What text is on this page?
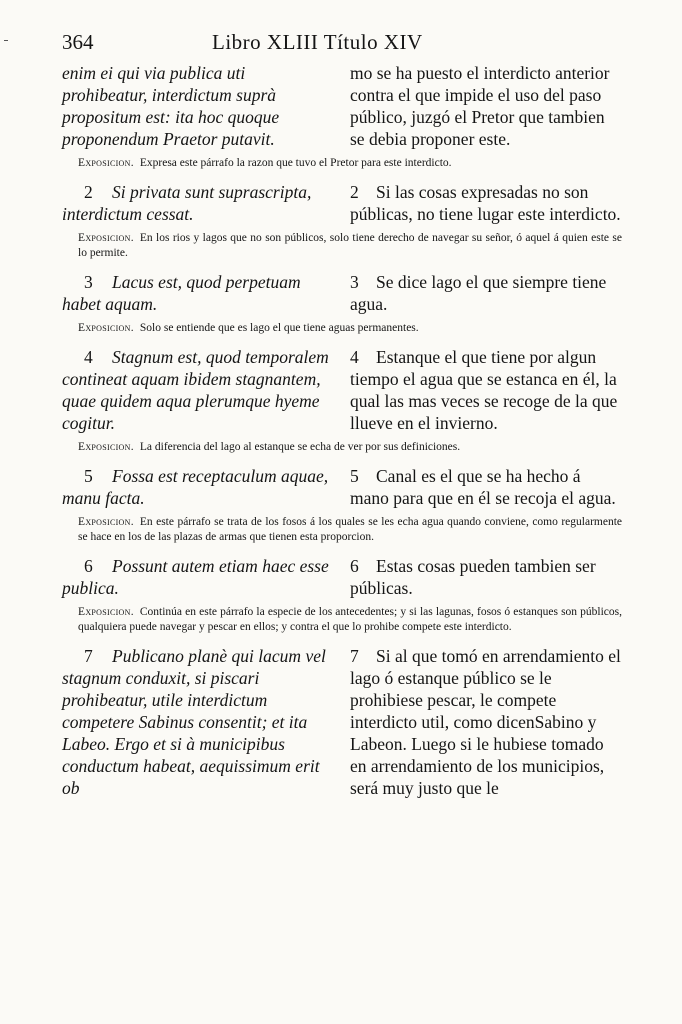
364	Libro XLIII Título XIV
enim ei qui via publica uti prohibeatur, interdictum suprà propositum est: ita hoc quoque proponendum Praetor putavit.
mo se ha puesto el interdicto anterior contra el que impide el uso del paso público, juzgó el Pretor que tambien se debia proponer este.
Exposicion. Expresa este párrafo la razon que tuvo el Pretor para este interdicto.
2 Si privata sunt suprascripta, interdictum cessat.
2 Si las cosas expresadas no son públicas, no tiene lugar este interdicto.
Exposicion. En los rios y lagos que no son públicos, solo tiene derecho de navegar su señor, ó aquel á quien este se lo permite.
3 Lacus est, quod perpetuam habet aquam.
3 Se dice lago el que siempre tiene agua.
Exposicion. Solo se entiende que es lago el que tiene aguas permanentes.
4 Stagnum est, quod temporalem contineat aquam ibidem stagnantem, quae quidem aqua plerumque hyeme cogitur.
4 Estanque el que tiene por algun tiempo el agua que se estanca en él, la qual las mas veces se recoge de la que llueve en el invierno.
Exposicion. La diferencia del lago al estanque se echa de ver por sus definiciones.
5 Fossa est receptaculum aquae, manu facta.
5 Canal es el que se ha hecho á mano para que en él se recoja el agua.
Exposicion. En este párrafo se trata de los fosos á los quales se les echa agua quando conviene, como regularmente se hace en los de las plazas de armas que tienen esta proporcion.
6 Possunt autem etiam haec esse publica.
6 Estas cosas pueden tambien ser públicas.
Exposicion. Continúa en este párrafo la especie de los antecedentes; y si las lagunas, fosos ó estanques son públicos, qualquiera puede navegar y pescar en ellos; y contra el que lo prohibe compete este interdicto.
7 Publicano planè qui lacum vel stagnum conduxit, si piscari prohibeatur, utile interdictum competere Sabinus consentit; et ita Labeo. Ergo et si à municipibus conductum habeat, aequissimum erit ob
7 Si al que tomó en arrendamiento el lago ó estanque público se le prohibiese pescar, le compete interdicto util, como dicenSabino y Labeon. Luego si le hubiese tomado en arrendamiento de los municipios, será muy justo que le
